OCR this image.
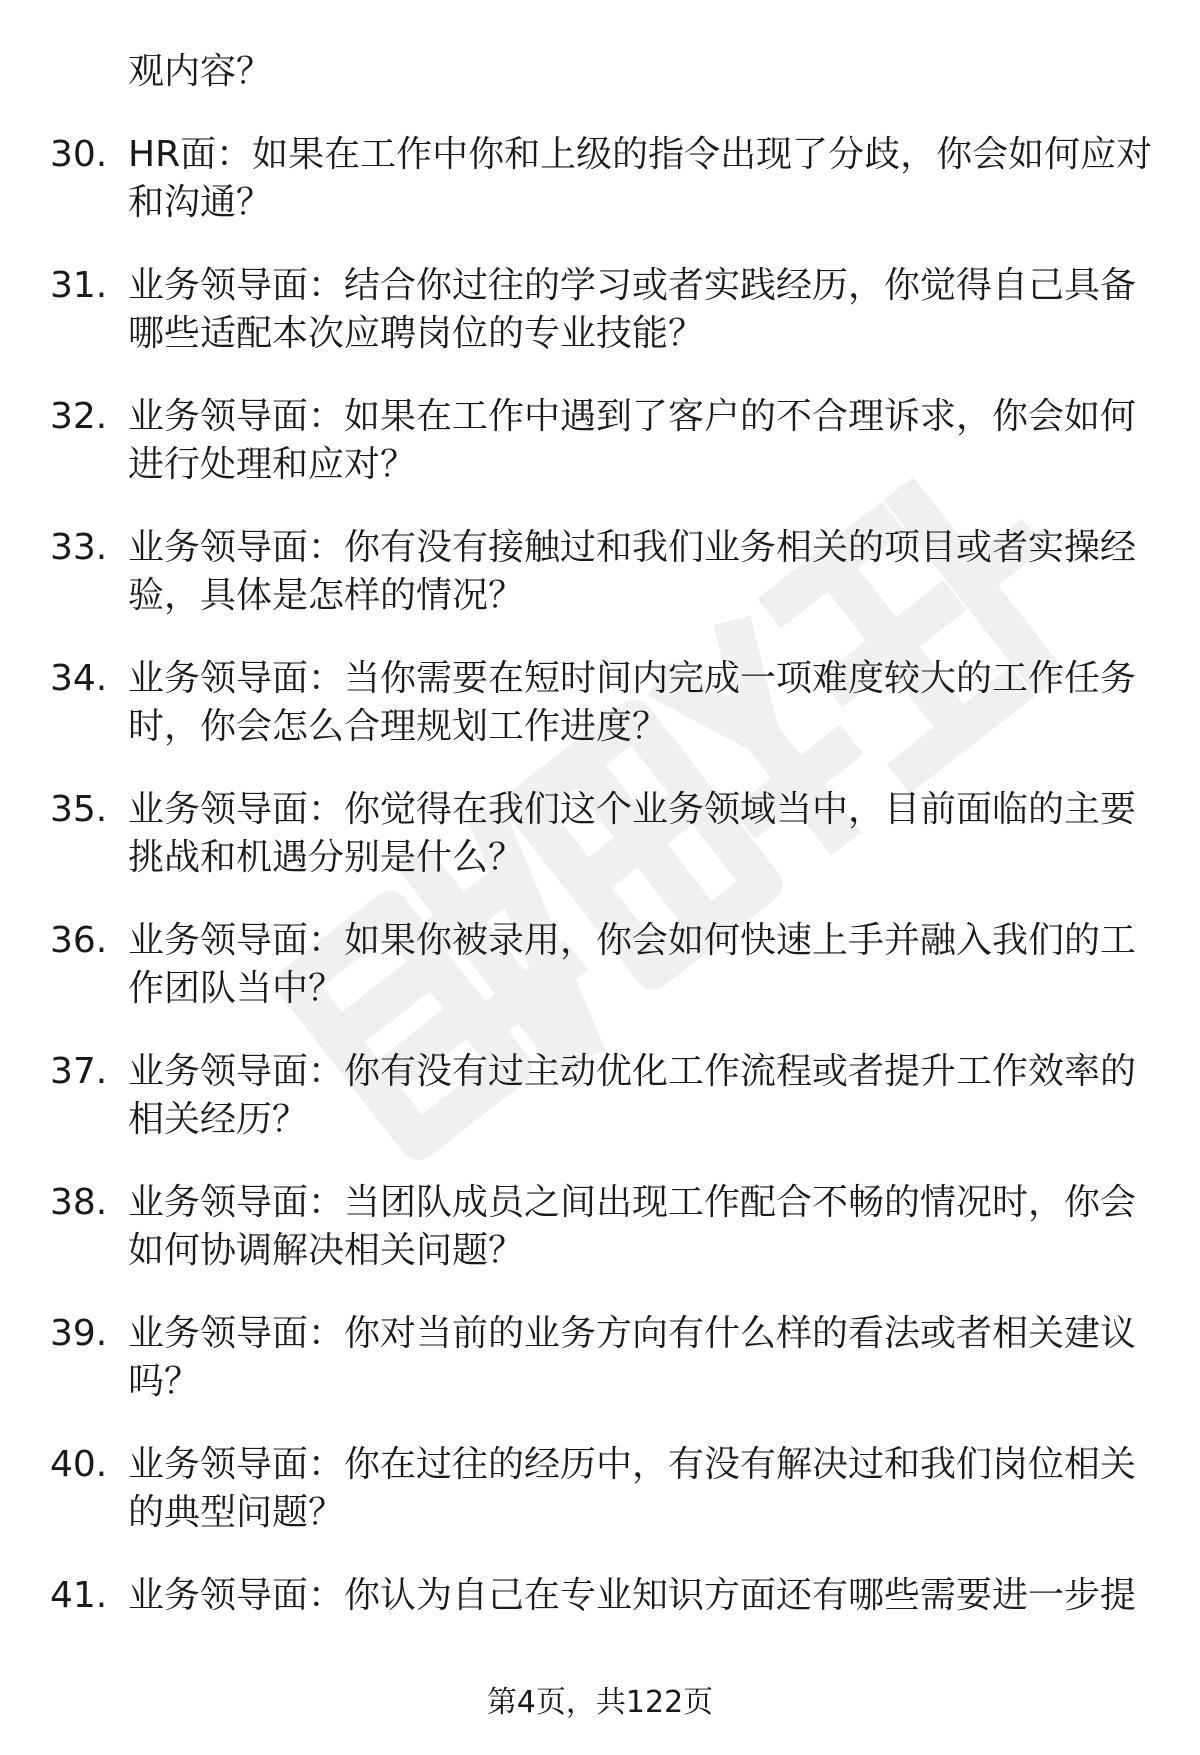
观内容？
30. HR面：如果在工作中你和上级的指令出现了分歧，你会如何应对和沟通？
31. 业务领导面：结合你过往的学习或者实践经历，你觉得自己具备哪些适配本次应聘岗位的专业技能？
32. 业务领导面：如果在工作中遇到了客户的不合理诉求，你会如何进行处理和应对？
33. 业务领导面：你有没有接触过和我们业务相关的项目或者实操经验，具体是怎样的情况？
34. 业务领导面：当你需要在短时间内完成一项难度较大的工作任务时，你会怎么合理规划工作进度？
35. 业务领导面：你觉得在我们这个业务领域当中，目前面临的主要挑战和机遇分别是什么？
36. 业务领导面：如果你被录用，你会如何快速上手并融入我们的工作团队当中？
37. 业务领导面：你有没有过主动优化工作流程或者提升工作效率的相关经历？
38. 业务领导面：当团队成员之间出现工作配合不畅的情况时，你会如何协调解决相关问题？
39. 业务领导面：你对当前的业务方向有什么样的看法或者相关建议吗？
40. 业务领导面：你在过往的经历中，有没有解决过和我们岗位相关的典型问题？
41. 业务领导面：你认为自己在专业知识方面还有哪些需要进一步提
第4页，共122页
